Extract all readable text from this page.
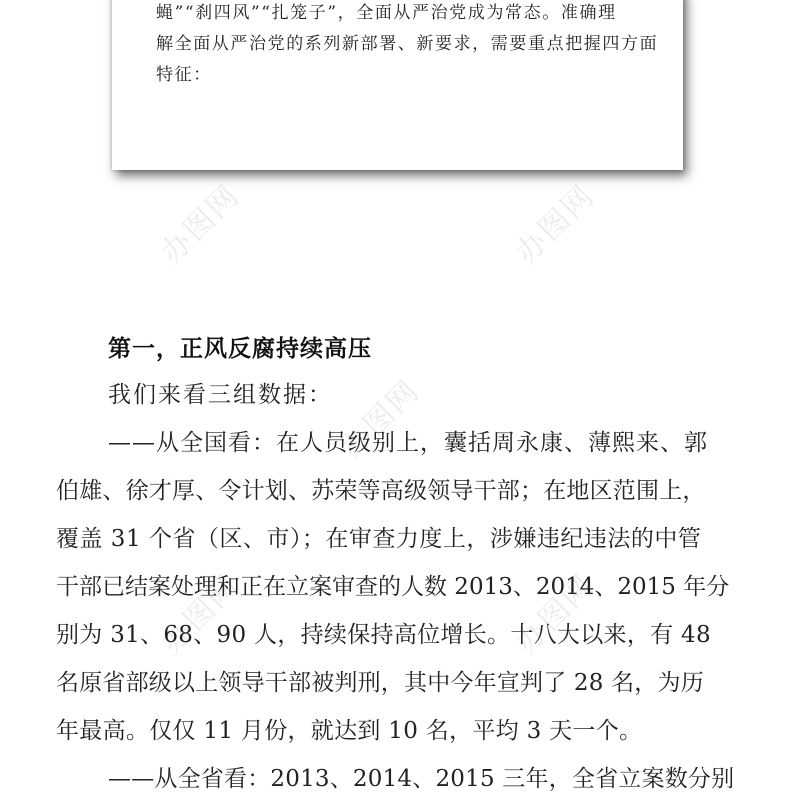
蝇”“刹四风”“扎笼子”，全面从严治党成为常态。准确理
解全面从严治党的系列新部署、新要求，需要重点把握四方面
特征：
办图网	办图网
办图网
办图网	办图网
第一，正风反腐持续高压
我们来看三组数据：
——从全国看：在人员级别上，囊括周永康、薄熙来、郭
伯雄、徐才厚、令计划、苏荣等高级领导干部；在地区范围上，
覆盖 31 个省（区、市）；在审查力度上，涉嫌违纪违法的中管
干部已结案处理和正在立案审查的人数 2013、2014、2015 年分
别为 31、68、90 人，持续保持高位增长。十八大以来，有 48
名原省部级以上领导干部被判刑，其中今年宣判了 28 名，为历
年最高。仅仅 11 月份，就达到 10 名，平均 3 天一个。
——从全省看：2013、2014、2015 三年，全省立案数分别
